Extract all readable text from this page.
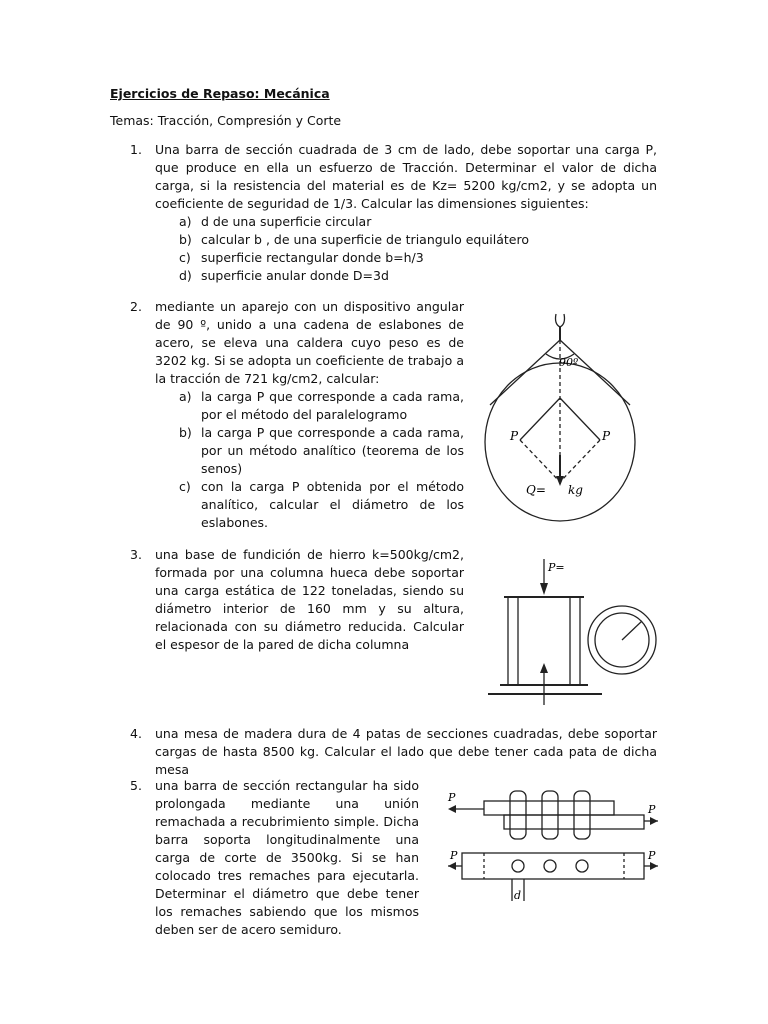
Ejercicios de Repaso: Mecánica
Temas: Tracción, Compresión y Corte
1. Una barra de sección cuadrada de 3 cm de lado, debe soportar una carga P, que produce en ella un esfuerzo de Tracción. Determinar el valor de dicha carga, si la resistencia del material es de Kz= 5200 kg/cm2, y se adopta un coeficiente de seguridad de 1/3. Calcular las dimensiones siguientes:
a) d de una superficie circular
b) calcular b , de una superficie de triangulo equilátero
c) superficie rectangular donde b=h/3
d) superficie anular donde D=3d
2. mediante un aparejo con un dispositivo angular de 90 º, unido a una cadena de eslabones de acero, se eleva una caldera cuyo peso es de 3202 kg. Si se adopta un coeficiente de trabajo a la tracción de 721 kg/cm2, calcular:
a) la carga P que corresponde a cada rama, por el método del paralelogramo
b) la carga P que corresponde a cada rama, por un método analítico (teorema de los senos)
c) con la carga P obtenida por el método analítico, calcular el diámetro de los eslabones.
3. una base de fundición de hierro k=500kg/cm2, formada por una columna hueca debe soportar una carga estática de 122 toneladas, siendo su diámetro interior de 160 mm y su altura, relacionada con su diámetro reducida. Calcular el espesor de la pared de dicha columna
4. una mesa de madera dura de 4 patas de secciones cuadradas, debe soportar cargas de hasta 8500 kg. Calcular el lado que debe tener cada pata de dicha mesa
5. una barra de sección rectangular ha sido prolongada mediante una unión remachada a recubrimiento simple. Dicha barra soporta longitudinalmente una carga de corte de 3500kg. Si se han colocado tres remaches para ejecutarla. Determinar el diámetro que debe tener los remaches sabiendo que los mismos deben ser de acero semiduro.
90º
P	P
Q= kg
P=
P
P
P	P
d
